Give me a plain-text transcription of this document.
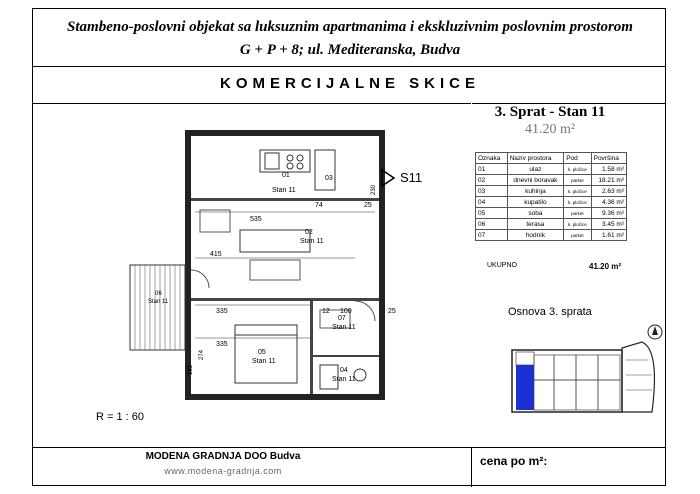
Stambeno-poslovni objekat sa luksuznim apartmanima i ekskluzivnim poslovnim prostorom
G + P + 8; ul. Mediteranska, Budva
KOMERCIJALNE SKICE
3. Sprat - Stan 11
41.20 m²
Oznaka	Naziv prostora	Pod	Površina
01	ulaz	k. pločice	1.58 m²
02	dnevni boravak	parket	18.21 m²
03	kuhinja	k. pločice	2.63 m²
04	kupatilo	k. pločice	4.36 m²
05	soba	parket	9.36 m²
06	terasa	k. pločice	3.45 m²
07	hodnik	parket	1.61 m²
UKUPNO	41.20 m²
535
415
335
335
12 100	25
74	25
183
274
230
01
Stan 11
02
Stan 11
03
04
Stan 11
05
Stan 11
06
Stan 11
07
Stan 11
S11
R = 1 : 60
Osnova 3. sprata
MODENA GRADNJA DOO Budva
www.modena-gradnja.com
cena po m²:
